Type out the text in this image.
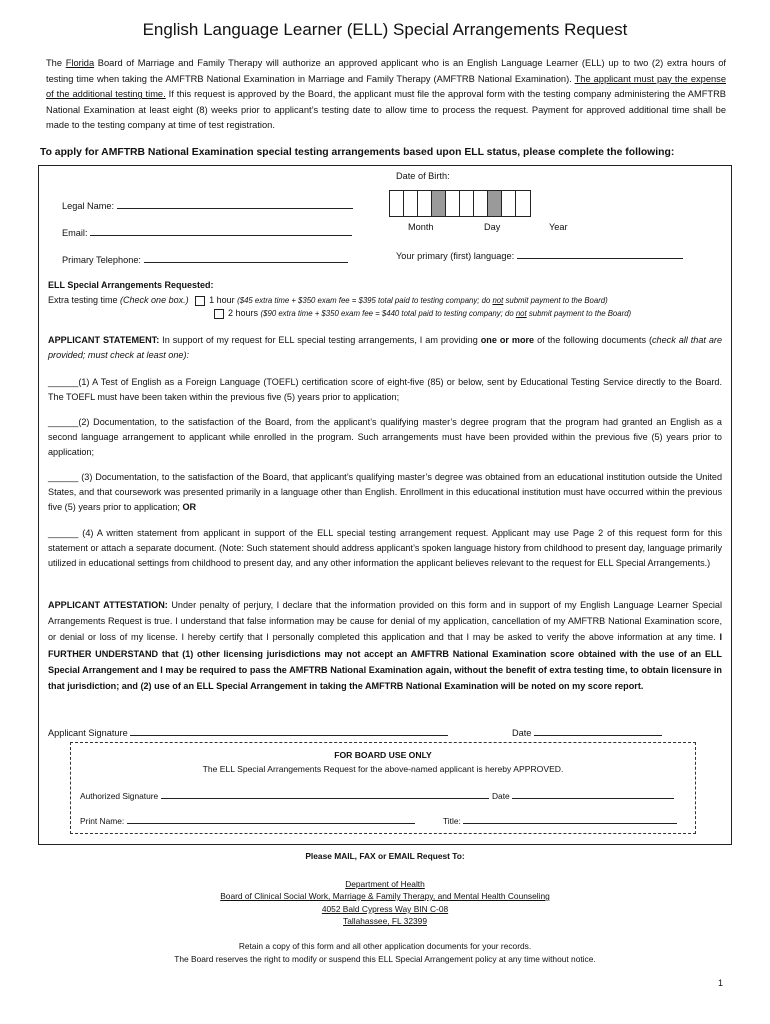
English Language Learner (ELL) Special Arrangements Request
The Florida Board of Marriage and Family Therapy will authorize an approved applicant who is an English Language Learner (ELL) up to two (2) extra hours of testing time when taking the AMFTRB National Examination in Marriage and Family Therapy (AMFTRB National Examination). The applicant must pay the expense of the additional testing time. If this request is approved by the Board, the applicant must file the approval form with the testing company administering the AMFTRB National Examination at least eight (8) weeks prior to applicant’s testing date to allow time to process the request. Payment for approved additional time shall be made to the testing company at time of test registration.
To apply for AMFTRB National Examination special testing arrangements based upon ELL status, please complete the following:
Date of Birth:
Month	Day	Year
Legal Name:
Email:
Primary Telephone:	Your primary (first) language:
ELL Special Arrangements Requested:
Extra testing time (Check one box.) 1 hour ($45 extra time + $350 exam fee = $395 total paid to testing company; do not submit payment to the Board)
2 hours ($90 extra time + $350 exam fee = $440 total paid to testing company; do not submit payment to the Board)
APPLICANT STATEMENT: In support of my request for ELL special testing arrangements, I am providing one or more of the following documents (check all that are provided; must check at least one):
______(1) A Test of English as a Foreign Language (TOEFL) certification score of eight-five (85) or below, sent by Educational Testing Service directly to the Board. The TOEFL must have been taken within the previous five (5) years prior to application;
______(2) Documentation, to the satisfaction of the Board, from the applicant’s qualifying master’s degree program that the program had granted an English as a second language arrangement to applicant while enrolled in the program. Such arrangements must have been provided within the previous five (5) years prior to application;
______ (3) Documentation, to the satisfaction of the Board, that applicant’s qualifying master’s degree was obtained from an educational institution outside the United States, and that coursework was presented primarily in a language other than English. Enrollment in this educational institution must have occurred within the previous five (5) years prior to application; OR
______ (4) A written statement from applicant in support of the ELL special testing arrangement request. Applicant may use Page 2 of this request form for this statement or attach a separate document. (Note: Such statement should address applicant’s spoken language history from childhood to present day, language primarily utilized in educational settings from childhood to present day, and any other information the applicant believes relevant to the request for ELL Special Arrangements.)
APPLICANT ATTESTATION: Under penalty of perjury, I declare that the information provided on this form and in support of my English Language Learner Special Arrangements Request is true. I understand that false information may be cause for denial of my application, cancellation of my AMFTRB National Examination score, or denial or loss of my license. I hereby certify that I personally completed this application and that I may be asked to verify the above information at any time. I FURTHER UNDERSTAND that (1) other licensing jurisdictions may not accept an AMFTRB National Examination score obtained with the use of an ELL Special Arrangement and I may be required to pass the AMFTRB National Examination again, without the benefit of extra testing time, to obtain licensure in that jurisdiction; and (2) use of an ELL Special Arrangement in taking the AMFTRB National Examination will be noted on my score report.
Applicant Signature	Date
FOR BOARD USE ONLY
The ELL Special Arrangements Request for the above-named applicant is hereby APPROVED.
Authorized Signature	Date
Print Name:	Title:
Please MAIL, FAX or EMAIL Request To:
Department of Health
Board of Clinical Social Work, Marriage & Family Therapy, and Mental Health Counseling
4052 Bald Cypress Way BIN C-08
Tallahassee, FL 32399
Retain a copy of this form and all other application documents for your records.
The Board reserves the right to modify or suspend this ELL Special Arrangement policy at any time without notice.
1
